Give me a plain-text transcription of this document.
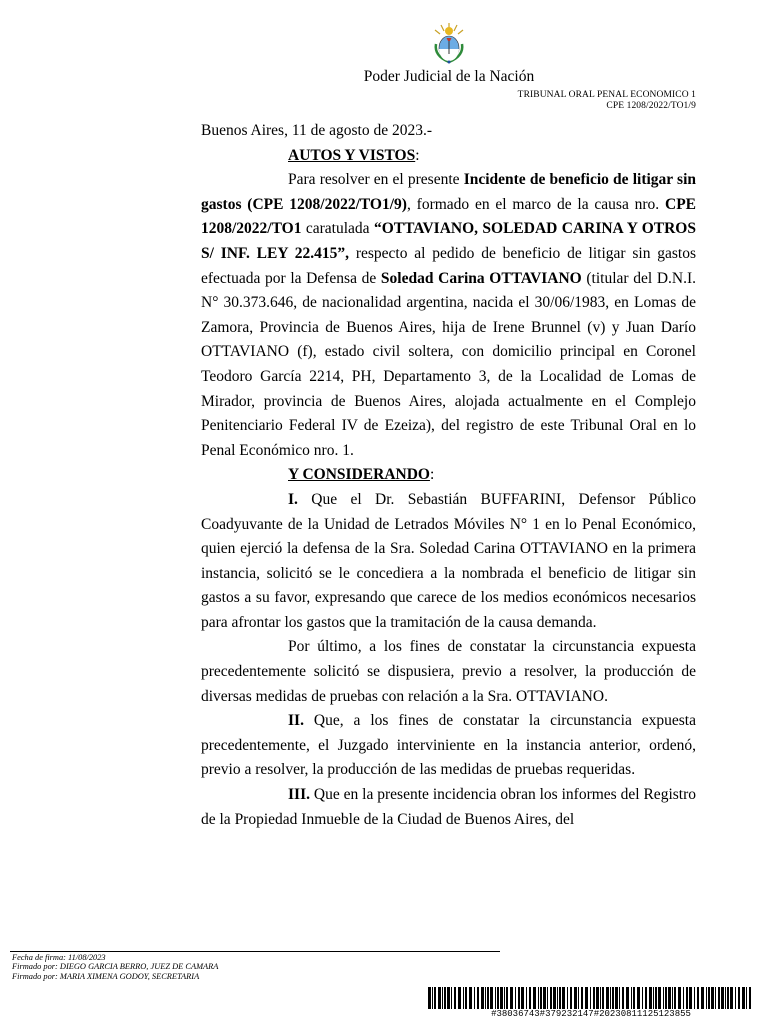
Poder Judicial de la Nación
TRIBUNAL ORAL PENAL ECONOMICO 1
CPE 1208/2022/TO1/9

Buenos Aires, 11 de agosto de 2023.-

AUTOS Y VISTOS:

Para resolver en el presente Incidente de beneficio de litigar sin gastos (CPE 1208/2022/TO1/9), formado en el marco de la causa nro. CPE 1208/2022/TO1 caratulada “OTTAVIANO, SOLEDAD CARINA Y OTROS S/ INF. LEY 22.415”, respecto al pedido de beneficio de litigar sin gastos efectuada por la Defensa de Soledad Carina OTTAVIANO (titular del D.N.I. N° 30.373.646, de nacionalidad argentina, nacida el 30/06/1983, en Lomas de Zamora, Provincia de Buenos Aires, hija de Irene Brunnel (v) y Juan Darío OTTAVIANO (f), estado civil soltera, con domicilio principal en Coronel Teodoro García 2214, PH, Departamento 3, de la Localidad de Lomas de Mirador, provincia de Buenos Aires, alojada actualmente en el Complejo Penitenciario Federal IV de Ezeiza), del registro de este Tribunal Oral en lo Penal Económico nro. 1.

Y CONSIDERANDO:

I. Que el Dr. Sebastián BUFFARINI, Defensor Público Coadyuvante de la Unidad de Letrados Móviles N° 1 en lo Penal Económico, quien ejerció la defensa de la Sra. Soledad Carina OTTAVIANO en la primera instancia, solicitó se le concediera a la nombrada el beneficio de litigar sin gastos a su favor, expresando que carece de los medios económicos necesarios para afrontar los gastos que la tramitación de la causa demanda.

Por último, a los fines de constatar la circunstancia expuesta precedentemente solicitó se dispusiera, previo a resolver, la producción de diversas medidas de pruebas con relación a la Sra. OTTAVIANO.

II. Que, a los fines de constatar la circunstancia expuesta precedentemente, el Juzgado interviniente en la instancia anterior, ordenó, previo a resolver, la producción de las medidas de pruebas requeridas.

III. Que en la presente incidencia obran los informes del Registro de la Propiedad Inmueble de la Ciudad de Buenos Aires, del

Fecha de firma: 11/08/2023
Firmado por: DIEGO GARCIA BERRO, JUEZ DE CAMARA
Firmado por: MARIA XIMENA GODOY, SECRETARIA
#38036743#379232147#20230811125123855
